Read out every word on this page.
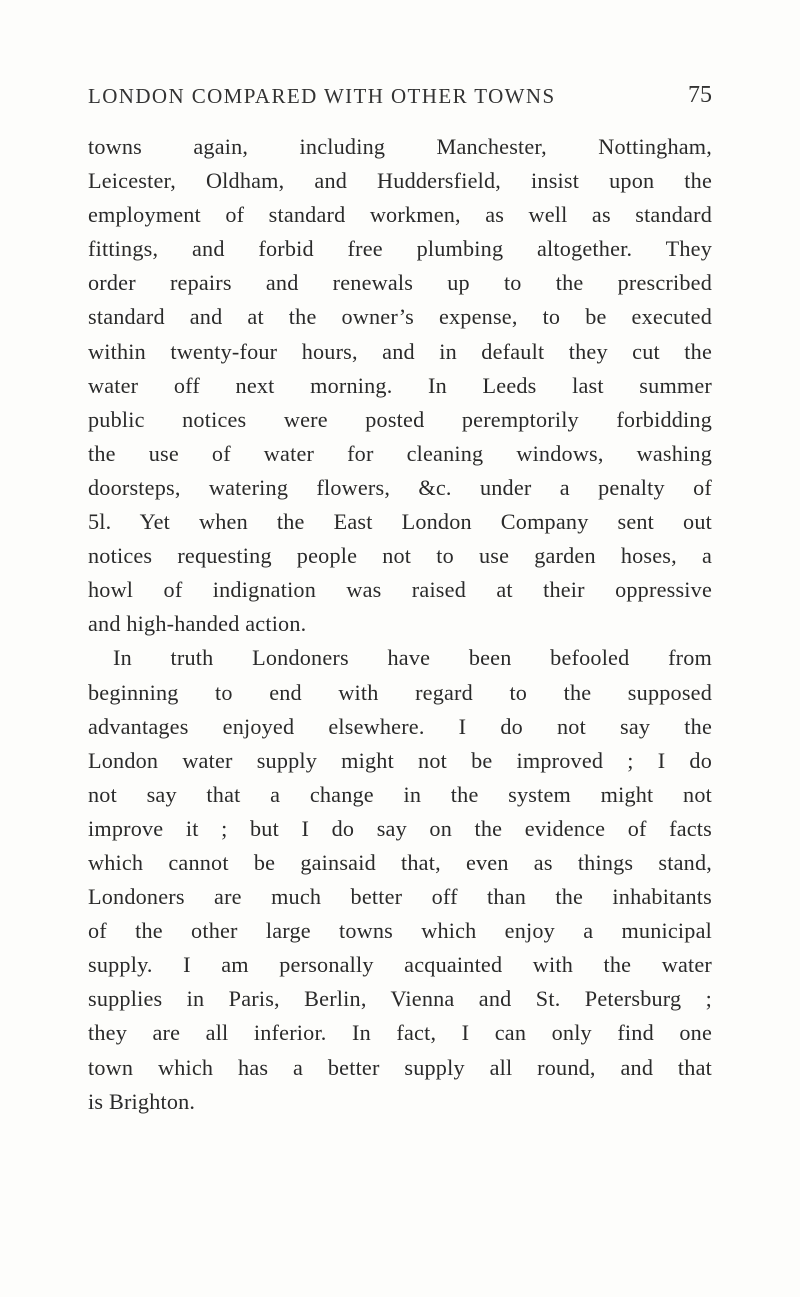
LONDON COMPARED WITH OTHER TOWNS	75
towns again, including Manchester, Nottingham,
Leicester, Oldham, and Huddersfield, insist upon the
employment of standard workmen, as well as standard
fittings, and forbid free plumbing altogether. They
order repairs and renewals up to the prescribed
standard and at the owner’s expense, to be executed
within twenty-four hours, and in default they cut the
water off next morning. In Leeds last summer
public notices were posted peremptorily forbidding
the use of water for cleaning windows, washing
doorsteps, watering flowers, &c. under a penalty of
5l. Yet when the East London Company sent out
notices requesting people not to use garden hoses, a
howl of indignation was raised at their oppressive
and high-handed action.
In truth Londoners have been befooled from
beginning to end with regard to the supposed
advantages enjoyed elsewhere. I do not say the
London water supply might not be improved ; I do
not say that a change in the system might not
improve it ; but I do say on the evidence of facts
which cannot be gainsaid that, even as things stand,
Londoners are much better off than the inhabitants
of the other large towns which enjoy a municipal
supply. I am personally acquainted with the water
supplies in Paris, Berlin, Vienna and St. Petersburg ;
they are all inferior. In fact, I can only find one
town which has a better supply all round, and that
is Brighton.
